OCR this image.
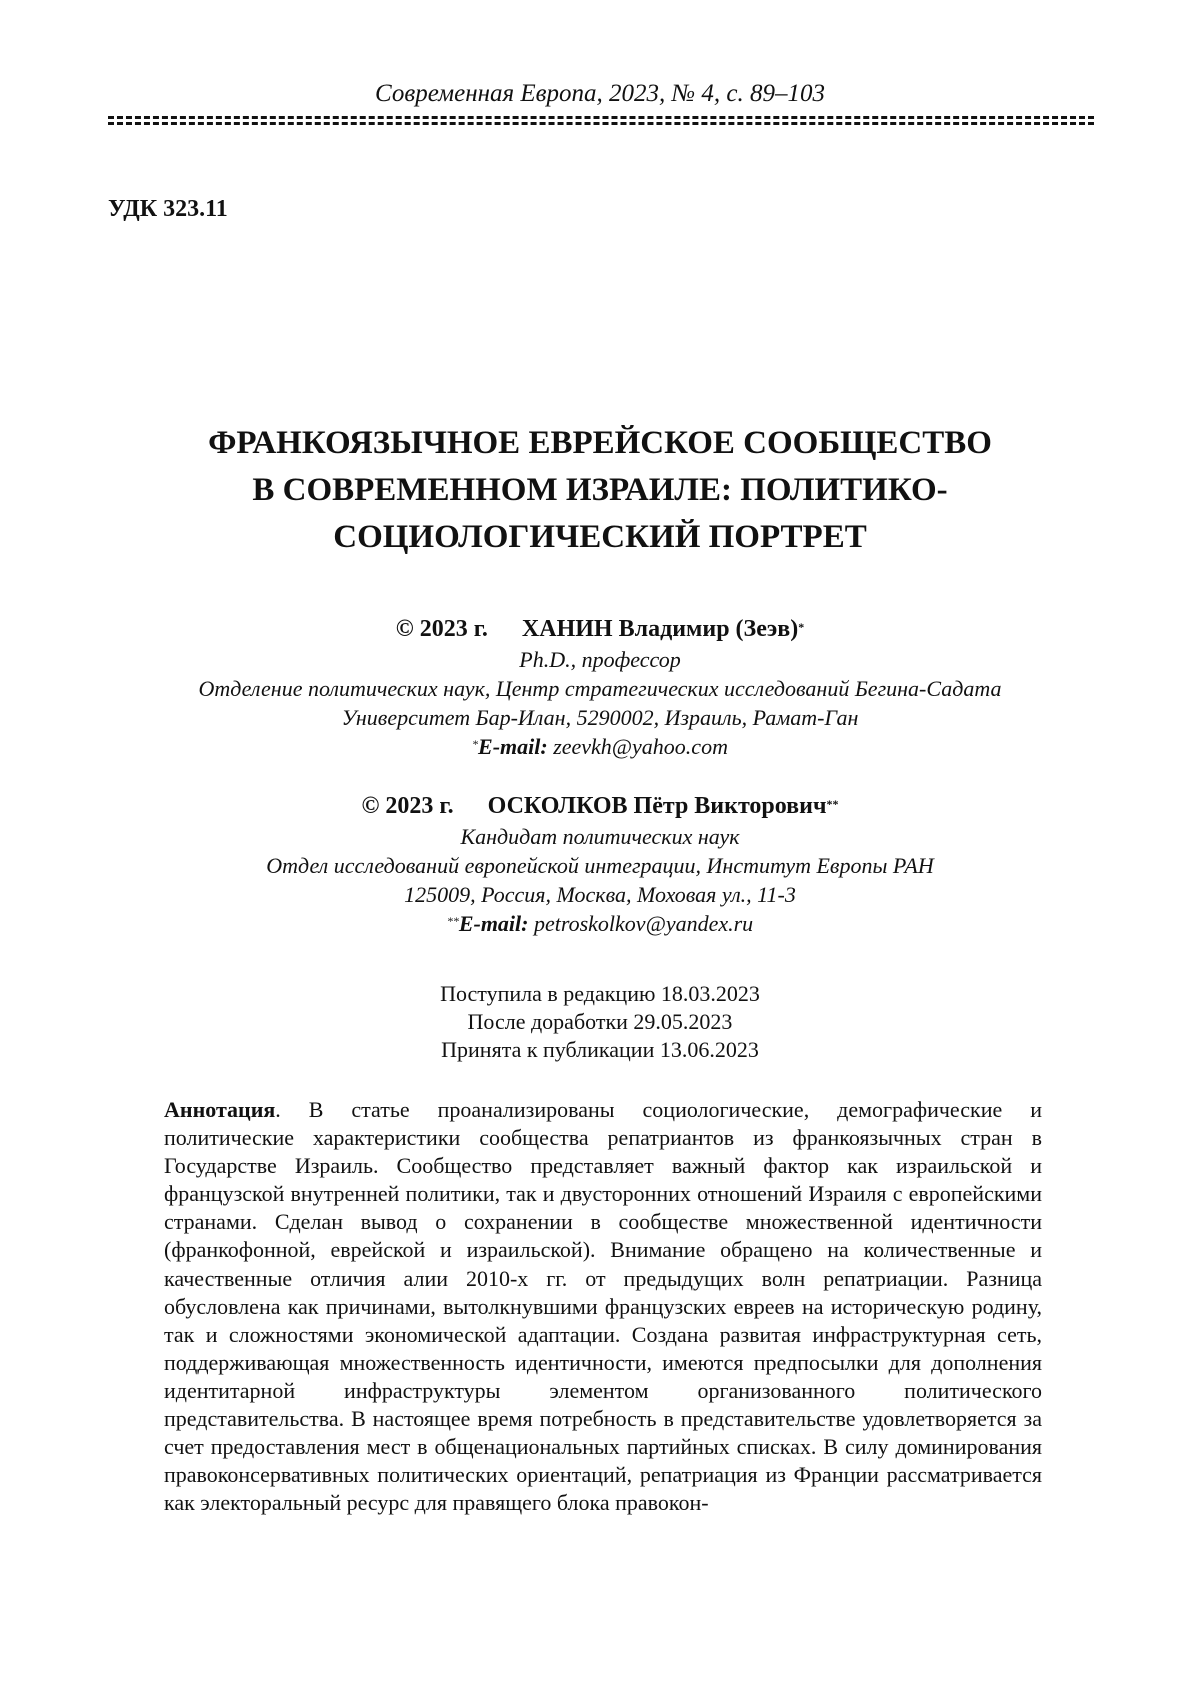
Современная Европа, 2023, № 4, с. 89–103
УДК 323.11
ФРАНКОЯЗЫЧНОЕ ЕВРЕЙСКОЕ СООБЩЕСТВО
В СОВРЕМЕННОМ ИЗРАИЛЕ: ПОЛИТИКО-
СОЦИОЛОГИЧЕСКИЙ ПОРТРЕТ
© 2023 г. ХАНИН Владимир (Зеэв)*
Ph.D., профессор
Отделение политических наук, Центр стратегических исследований Бегина-Садата
Университет Бар-Илан, 5290002, Израиль, Рамат-Ган
*E-mail: zeevkh@yahoo.com
© 2023 г. ОСКОЛКОВ Пётр Викторович**
Кандидат политических наук
Отдел исследований европейской интеграции, Институт Европы РАН
125009, Россия, Москва, Моховая ул., 11-3
**E-mail: petroskolkov@yandex.ru
Поступила в редакцию 18.03.2023
После доработки 29.05.2023
Принята к публикации 13.06.2023

Аннотация. В статье проанализированы социологические, демографические и политические характеристики сообщества репатриантов из франкоязычных стран в Государстве Израиль. Сообщество представляет важный фактор как израильской и французской внутренней политики, так и двусторонних отношений Израиля с европейскими странами. Сделан вывод о сохранении в сообществе множественной идентичности (франкофонной, еврейской и израильской). Внимание обращено на количественные и качественные отличия алии 2010-х гг. от предыдущих волн репатриации. Разница обусловлена как причинами, вытолкнувшими французских евреев на историческую родину, так и сложностями экономической адаптации. Создана развитая инфраструктурная сеть, поддерживающая множественность идентичности, имеются предпосылки для дополнения идентитарной инфраструктуры элементом организованного политического представительства. В настоящее время потребность в представительстве удовлетворяется за счет предоставления мест в общенациональных партийных списках. В силу доминирования правоконсервативных политических ориентаций, репатриация из Франции рассматривается как электоральный ресурс для правящего блока правокон-
